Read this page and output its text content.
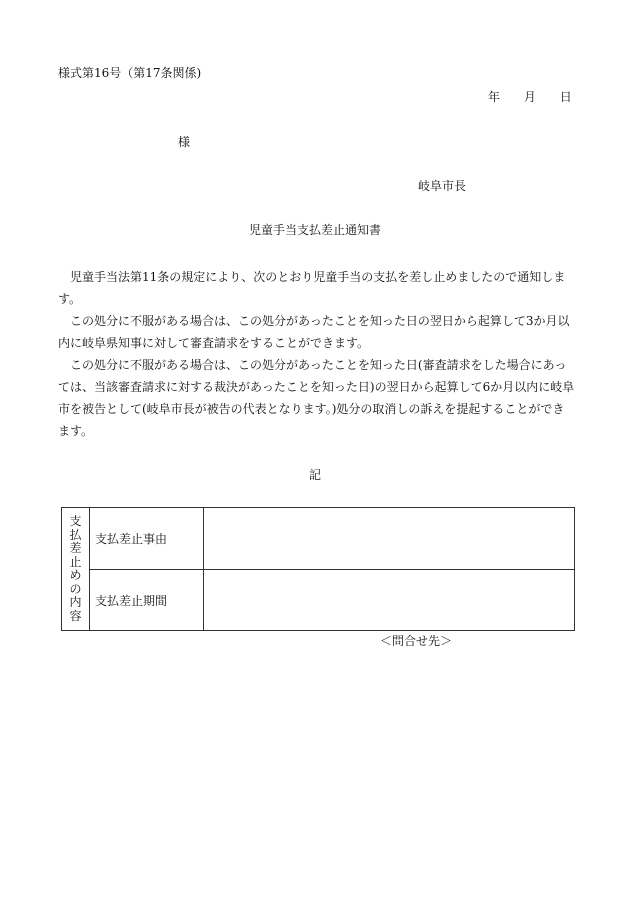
様式第16号（第17条関係)
年 月 日
様
岐阜市長
児童手当支払差止通知書

児童手当法第11条の規定により、次のとおり児童手当の支払を差し止めましたので通知します。

この処分に不服がある場合は、この処分があったことを知った日の翌日から起算して3か月以内に岐阜県知事に対して審査請求をすることができます。

この処分に不服がある場合は、この処分があったことを知った日(審査請求をした場合にあっては、当該審査請求に対する裁決があったことを知った日)の翌日から起算して6か月以内に岐阜市を被告として(岐阜市長が被告の代表となります。)処分の取消しの訴えを提起することができます。

記
支
払
差
止
め
の
内
容
支払差止事由
支払差止期間
＜問合せ先＞
